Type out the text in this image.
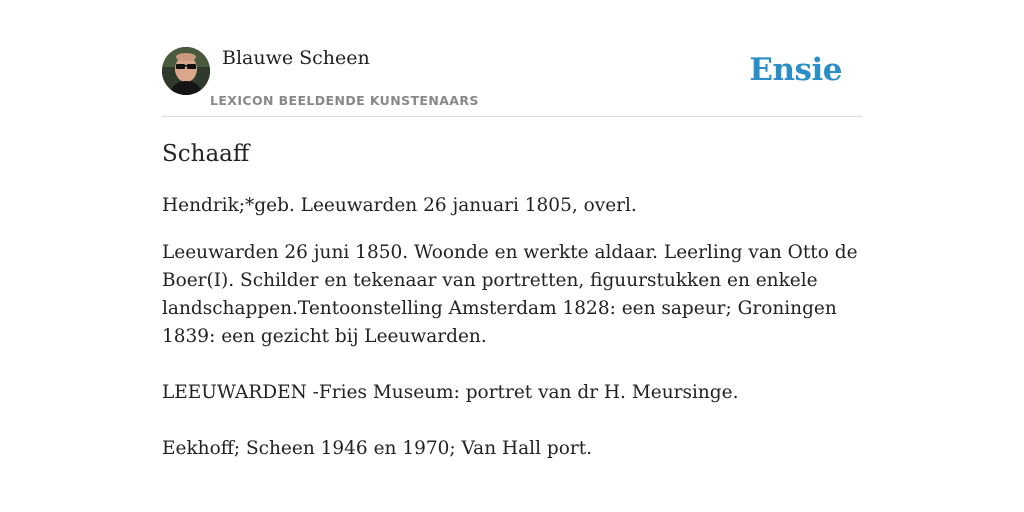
Blauwe Scheen
LEXICON BEELDENDE KUNSTENAARS
Ensie
Schaaff

Hendrik;*geb. Leeuwarden 26 januari 1805, overl.

Leeuwarden 26 juni 1850. Woonde en werkte aldaar. Leerling van Otto de Boer(I). Schilder en tekenaar van portretten, figuurstukken en enkele landschappen.Tentoonstelling Amsterdam 1828: een sapeur; Groningen 1839: een gezicht bij Leeuwarden.

LEEUWARDEN -Fries Museum: portret van dr H. Meursinge.

Eekhoff; Scheen 1946 en 1970; Van Hall port.
